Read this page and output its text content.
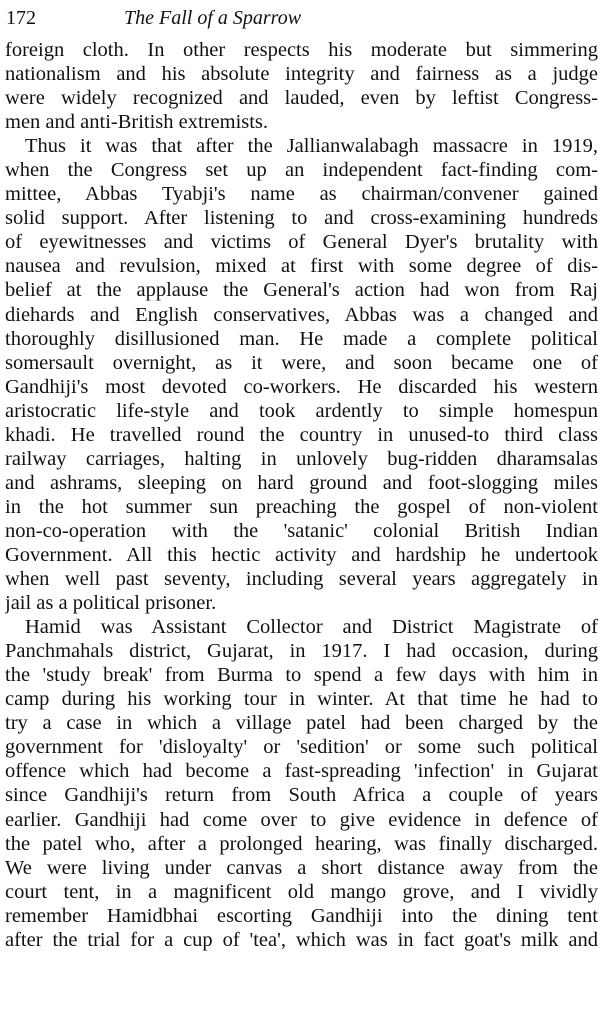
172	The Fall of a Sparrow
foreign cloth. In other respects his moderate but simmering
nationalism and his absolute integrity and fairness as a judge
were widely recognized and lauded, even by leftist Congress-
men and anti-British extremists.
Thus it was that after the Jallianwalabagh massacre in 1919,
when the Congress set up an independent fact-finding com-
mittee, Abbas Tyabji's name as chairman/convener gained
solid support. After listening to and cross-examining hundreds
of eyewitnesses and victims of General Dyer's brutality with
nausea and revulsion, mixed at first with some degree of dis-
belief at the applause the General's action had won from Raj
diehards and English conservatives, Abbas was a changed and
thoroughly disillusioned man. He made a complete political
somersault overnight, as it were, and soon became one of
Gandhiji's most devoted co-workers. He discarded his western
aristocratic life-style and took ardently to simple homespun
khadi. He travelled round the country in unused-to third class
railway carriages, halting in unlovely bug-ridden dharamsalas
and ashrams, sleeping on hard ground and foot-slogging miles
in the hot summer sun preaching the gospel of non-violent
non-co-operation with the 'satanic' colonial British Indian
Government. All this hectic activity and hardship he undertook
when well past seventy, including several years aggregately in
jail as a political prisoner.
Hamid was Assistant Collector and District Magistrate of
Panchmahals district, Gujarat, in 1917. I had occasion, during
the 'study break' from Burma to spend a few days with him in
camp during his working tour in winter. At that time he had to
try a case in which a village patel had been charged by the
government for 'disloyalty' or 'sedition' or some such political
offence which had become a fast-spreading 'infection' in Gujarat
since Gandhiji's return from South Africa a couple of years
earlier. Gandhiji had come over to give evidence in defence of
the patel who, after a prolonged hearing, was finally discharged.
We were living under canvas a short distance away from the
court tent, in a magnificent old mango grove, and I vividly
remember Hamidbhai escorting Gandhiji into the dining tent
after the trial for a cup of 'tea', which was in fact goat's milk and
